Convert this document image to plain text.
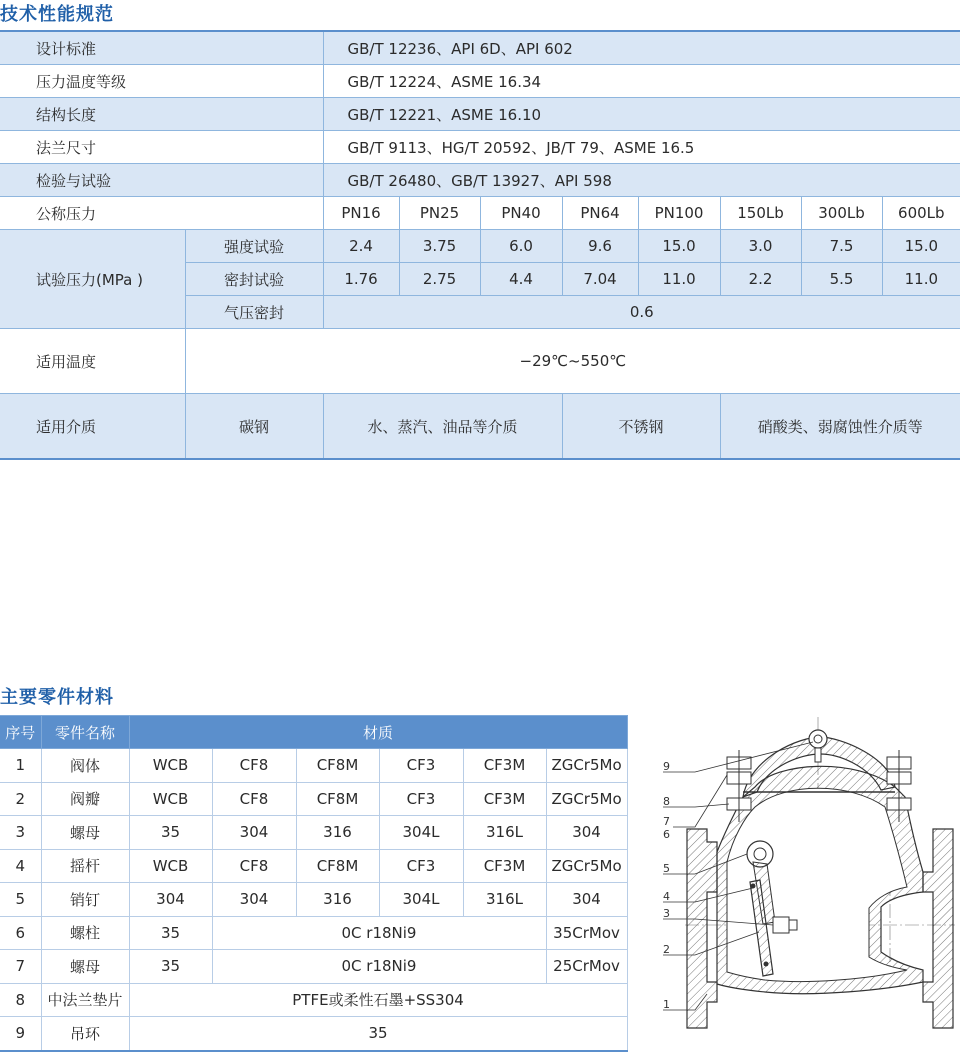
技术性能规范
设计标准		GB/T 12236、API 6D、API 602							
压力温度等级		GB/T 12224、ASME 16.34							
结构长度		GB/T 12221、ASME 16.10							
法兰尺寸		GB/T 9113、HG/T 20592、JB/T 79、ASME 16.5							
检验与试验		GB/T 26480、GB/T 13927、API 598							
公称压力		PN16	PN25	PN40	PN64	PN100	150Lb	300Lb	600Lb
试验压力(MPa )	强度试验	2.4	3.75	6.0	9.6	15.0	3.0	7.5	15.0
	密封试验	1.76	2.75	4.4	7.04	11.0	2.2	5.5	11.0
	气压密封	0.6							
适用温度	−29℃~550℃								
适用介质	碳钢	水、蒸汽、油品等介质			不锈钢		硝酸类、弱腐蚀性介质等		
主要零件材料
序号	零件名称	材质					
1	阀体	WCB	CF8	CF8M	CF3	CF3M	ZGCr5Mo
2	阀瓣	WCB	CF8	CF8M	CF3	CF3M	ZGCr5Mo
3	螺母	35	304	316	304L	316L	304
4	摇杆	WCB	CF8	CF8M	CF3	CF3M	ZGCr5Mo
5	销钉	304	304	316	304L	316L	304
6	螺柱	35	0C r18Ni9				35CrMov
7	螺母	35	0C r18Ni9				25CrMov
8	中法兰垫片	PTFE或柔性石墨+SS304					
9	吊环	35					
9
8
7
6
5
4
3
2
1
